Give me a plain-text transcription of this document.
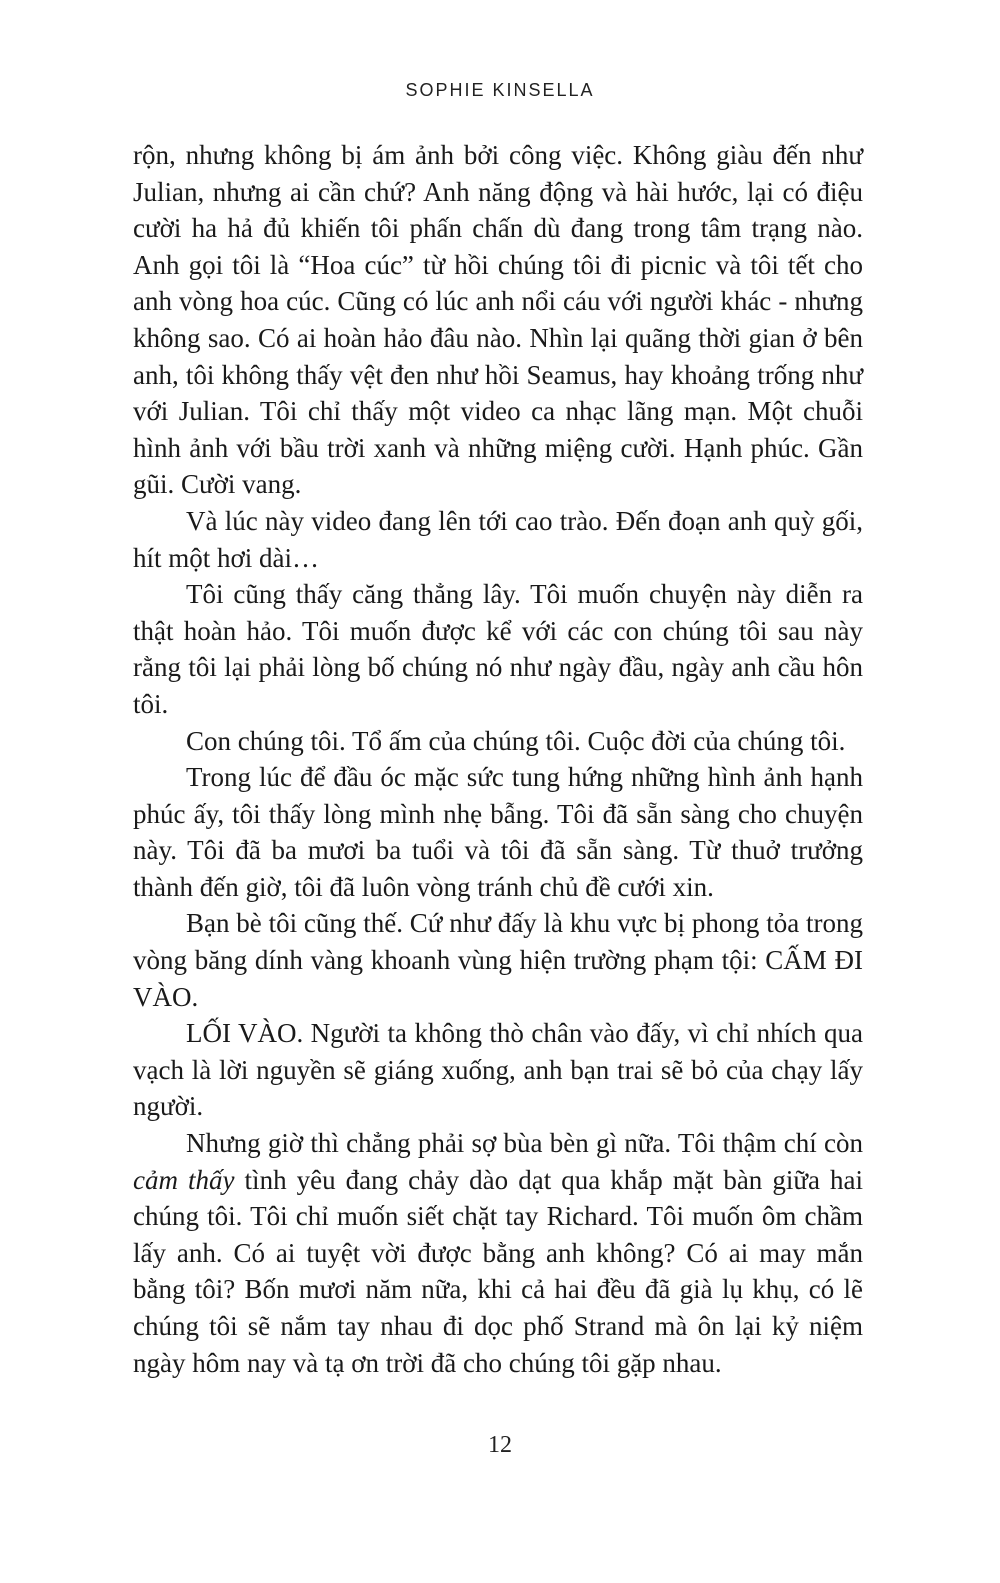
SOPHIE KINSELLA

rộn, nhưng không bị ám ảnh bởi công việc. Không giàu đến như Julian, nhưng ai cần chứ? Anh năng động và hài hước, lại có điệu cười ha hả đủ khiến tôi phấn chấn dù đang trong tâm trạng nào. Anh gọi tôi là “Hoa cúc” từ hồi chúng tôi đi picnic và tôi tết cho anh vòng hoa cúc. Cũng có lúc anh nổi cáu với người khác - nhưng không sao. Có ai hoàn hảo đâu nào. Nhìn lại quãng thời gian ở bên anh, tôi không thấy vệt đen như hồi Seamus, hay khoảng trống như với Julian. Tôi chỉ thấy một video ca nhạc lãng mạn. Một chuỗi hình ảnh với bầu trời xanh và những miệng cười. Hạnh phúc. Gần gũi. Cười vang.

Và lúc này video đang lên tới cao trào. Đến đoạn anh quỳ gối, hít một hơi dài…

Tôi cũng thấy căng thẳng lây. Tôi muốn chuyện này diễn ra thật hoàn hảo. Tôi muốn được kể với các con chúng tôi sau này rằng tôi lại phải lòng bố chúng nó như ngày đầu, ngày anh cầu hôn tôi.

Con chúng tôi. Tổ ấm của chúng tôi. Cuộc đời của chúng tôi.

Trong lúc để đầu óc mặc sức tung hứng những hình ảnh hạnh phúc ấy, tôi thấy lòng mình nhẹ bẫng. Tôi đã sẵn sàng cho chuyện này. Tôi đã ba mươi ba tuổi và tôi đã sẵn sàng. Từ thuở trưởng thành đến giờ, tôi đã luôn vòng tránh chủ đề cưới xin.

Bạn bè tôi cũng thế. Cứ như đấy là khu vực bị phong tỏa trong vòng băng dính vàng khoanh vùng hiện trường phạm tội: CẤM ĐI VÀO.

LỐI VÀO. Người ta không thò chân vào đấy, vì chỉ nhích qua vạch là lời nguyền sẽ giáng xuống, anh bạn trai sẽ bỏ của chạy lấy người.

Nhưng giờ thì chẳng phải sợ bùa bèn gì nữa. Tôi thậm chí còn cảm thấy tình yêu đang chảy dào dạt qua khắp mặt bàn giữa hai chúng tôi. Tôi chỉ muốn siết chặt tay Richard. Tôi muốn ôm chầm lấy anh. Có ai tuyệt vời được bằng anh không? Có ai may mắn bằng tôi? Bốn mươi năm nữa, khi cả hai đều đã già lụ khụ, có lẽ chúng tôi sẽ nắm tay nhau đi dọc phố Strand mà ôn lại kỷ niệm ngày hôm nay và tạ ơn trời đã cho chúng tôi gặp nhau.

12
